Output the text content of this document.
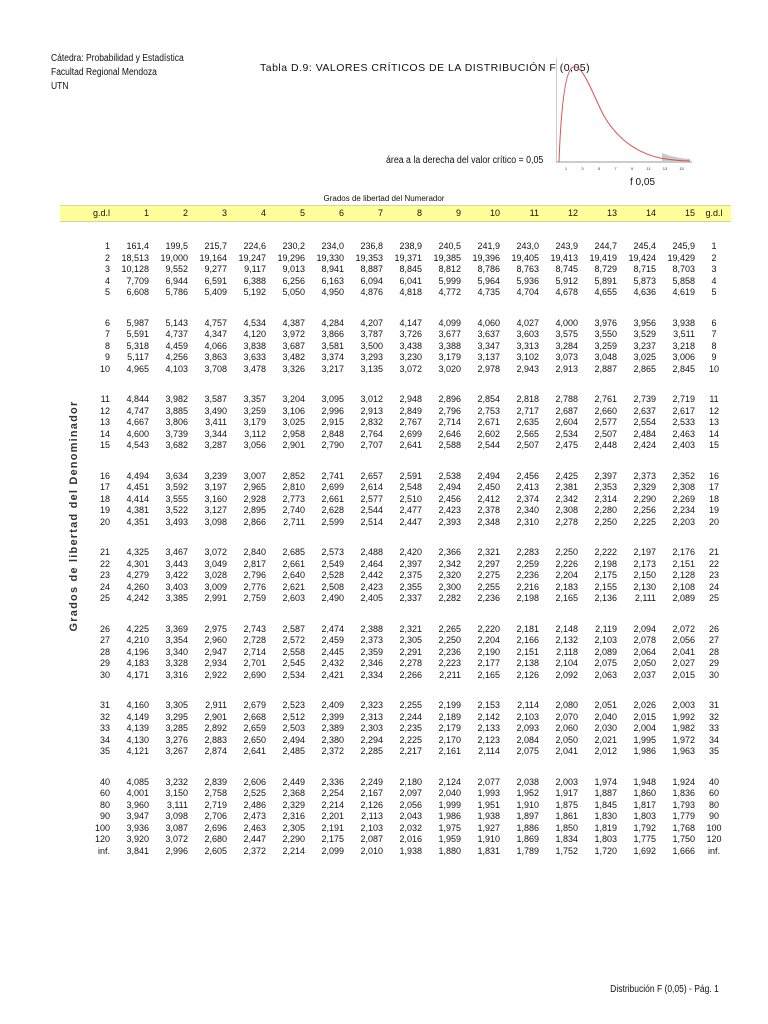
Cátedra: Probabilidad y Estadística
Facultad Regional Mendoza
UTN
Tabla D.9: VALORES CRÍTICOS DE LA DISTRIBUCIÓN F (0,05)
1	3	5	7	9	11	13	15
área a la derecha del valor crítico = 0,05
f 0,05
Grados de libertad del Numerador
Grados de libertad del Denominador
g.d.l	1	2	3	4	5	6	7	8	9	10	11	12	13	14	15	g.d.l

1	161,4	199,5	215,7	224,6	230,2	234,0	236,8	238,9	240,5	241,9	243,0	243,9	244,7	245,4	245,9	1
2	18,513	19,000	19,164	19,247	19,296	19,330	19,353	19,371	19,385	19,396	19,405	19,413	19,419	19,424	19,429	2
3	10,128	9,552	9,277	9,117	9,013	8,941	8,887	8,845	8,812	8,786	8,763	8,745	8,729	8,715	8,703	3
4	7,709	6,944	6,591	6,388	6,256	6,163	6,094	6,041	5,999	5,964	5,936	5,912	5,891	5,873	5,858	4
5	6,608	5,786	5,409	5,192	5,050	4,950	4,876	4,818	4,772	4,735	4,704	4,678	4,655	4,636	4,619	5

6	5,987	5,143	4,757	4,534	4,387	4,284	4,207	4,147	4,099	4,060	4,027	4,000	3,976	3,956	3,938	6
7	5,591	4,737	4,347	4,120	3,972	3,866	3,787	3,726	3,677	3,637	3,603	3,575	3,550	3,529	3,511	7
8	5,318	4,459	4,066	3,838	3,687	3,581	3,500	3,438	3,388	3,347	3,313	3,284	3,259	3,237	3,218	8
9	5,117	4,256	3,863	3,633	3,482	3,374	3,293	3,230	3,179	3,137	3,102	3,073	3,048	3,025	3,006	9
10	4,965	4,103	3,708	3,478	3,326	3,217	3,135	3,072	3,020	2,978	2,943	2,913	2,887	2,865	2,845	10

11	4,844	3,982	3,587	3,357	3,204	3,095	3,012	2,948	2,896	2,854	2,818	2,788	2,761	2,739	2,719	11
12	4,747	3,885	3,490	3,259	3,106	2,996	2,913	2,849	2,796	2,753	2,717	2,687	2,660	2,637	2,617	12
13	4,667	3,806	3,411	3,179	3,025	2,915	2,832	2,767	2,714	2,671	2,635	2,604	2,577	2,554	2,533	13
14	4,600	3,739	3,344	3,112	2,958	2,848	2,764	2,699	2,646	2,602	2,565	2,534	2,507	2,484	2,463	14
15	4,543	3,682	3,287	3,056	2,901	2,790	2,707	2,641	2,588	2,544	2,507	2,475	2,448	2,424	2,403	15

16	4,494	3,634	3,239	3,007	2,852	2,741	2,657	2,591	2,538	2,494	2,456	2,425	2,397	2,373	2,352	16
17	4,451	3,592	3,197	2,965	2,810	2,699	2,614	2,548	2,494	2,450	2,413	2,381	2,353	2,329	2,308	17
18	4,414	3,555	3,160	2,928	2,773	2,661	2,577	2,510	2,456	2,412	2,374	2,342	2,314	2,290	2,269	18
19	4,381	3,522	3,127	2,895	2,740	2,628	2,544	2,477	2,423	2,378	2,340	2,308	2,280	2,256	2,234	19
20	4,351	3,493	3,098	2,866	2,711	2,599	2,514	2,447	2,393	2,348	2,310	2,278	2,250	2,225	2,203	20

21	4,325	3,467	3,072	2,840	2,685	2,573	2,488	2,420	2,366	2,321	2,283	2,250	2,222	2,197	2,176	21
22	4,301	3,443	3,049	2,817	2,661	2,549	2,464	2,397	2,342	2,297	2,259	2,226	2,198	2,173	2,151	22
23	4,279	3,422	3,028	2,796	2,640	2,528	2,442	2,375	2,320	2,275	2,236	2,204	2,175	2,150	2,128	23
24	4,260	3,403	3,009	2,776	2,621	2,508	2,423	2,355	2,300	2,255	2,216	2,183	2,155	2,130	2,108	24
25	4,242	3,385	2,991	2,759	2,603	2,490	2,405	2,337	2,282	2,236	2,198	2,165	2,136	2,111	2,089	25

26	4,225	3,369	2,975	2,743	2,587	2,474	2,388	2,321	2,265	2,220	2,181	2,148	2,119	2,094	2,072	26
27	4,210	3,354	2,960	2,728	2,572	2,459	2,373	2,305	2,250	2,204	2,166	2,132	2,103	2,078	2,056	27
28	4,196	3,340	2,947	2,714	2,558	2,445	2,359	2,291	2,236	2,190	2,151	2,118	2,089	2,064	2,041	28
29	4,183	3,328	2,934	2,701	2,545	2,432	2,346	2,278	2,223	2,177	2,138	2,104	2,075	2,050	2,027	29
30	4,171	3,316	2,922	2,690	2,534	2,421	2,334	2,266	2,211	2,165	2,126	2,092	2,063	2,037	2,015	30

31	4,160	3,305	2,911	2,679	2,523	2,409	2,323	2,255	2,199	2,153	2,114	2,080	2,051	2,026	2,003	31
32	4,149	3,295	2,901	2,668	2,512	2,399	2,313	2,244	2,189	2,142	2,103	2,070	2,040	2,015	1,992	32
33	4,139	3,285	2,892	2,659	2,503	2,389	2,303	2,235	2,179	2,133	2,093	2,060	2,030	2,004	1,982	33
34	4,130	3,276	2,883	2,650	2,494	2,380	2,294	2,225	2,170	2,123	2,084	2,050	2,021	1,995	1,972	34
35	4,121	3,267	2,874	2,641	2,485	2,372	2,285	2,217	2,161	2,114	2,075	2,041	2,012	1,986	1,963	35

40	4,085	3,232	2,839	2,606	2,449	2,336	2,249	2,180	2,124	2,077	2,038	2,003	1,974	1,948	1,924	40
60	4,001	3,150	2,758	2,525	2,368	2,254	2,167	2,097	2,040	1,993	1,952	1,917	1,887	1,860	1,836	60
80	3,960	3,111	2,719	2,486	2,329	2,214	2,126	2,056	1,999	1,951	1,910	1,875	1,845	1,817	1,793	80
90	3,947	3,098	2,706	2,473	2,316	2,201	2,113	2,043	1,986	1,938	1,897	1,861	1,830	1,803	1,779	90
100	3,936	3,087	2,696	2,463	2,305	2,191	2,103	2,032	1,975	1,927	1,886	1,850	1,819	1,792	1,768	100
120	3,920	3,072	2,680	2,447	2,290	2,175	2,087	2,016	1,959	1,910	1,869	1,834	1,803	1,775	1,750	120
inf.	3,841	2,996	2,605	2,372	2,214	2,099	2,010	1,938	1,880	1,831	1,789	1,752	1,720	1,692	1,666	inf.
Distribución F (0,05) - Pág. 1
